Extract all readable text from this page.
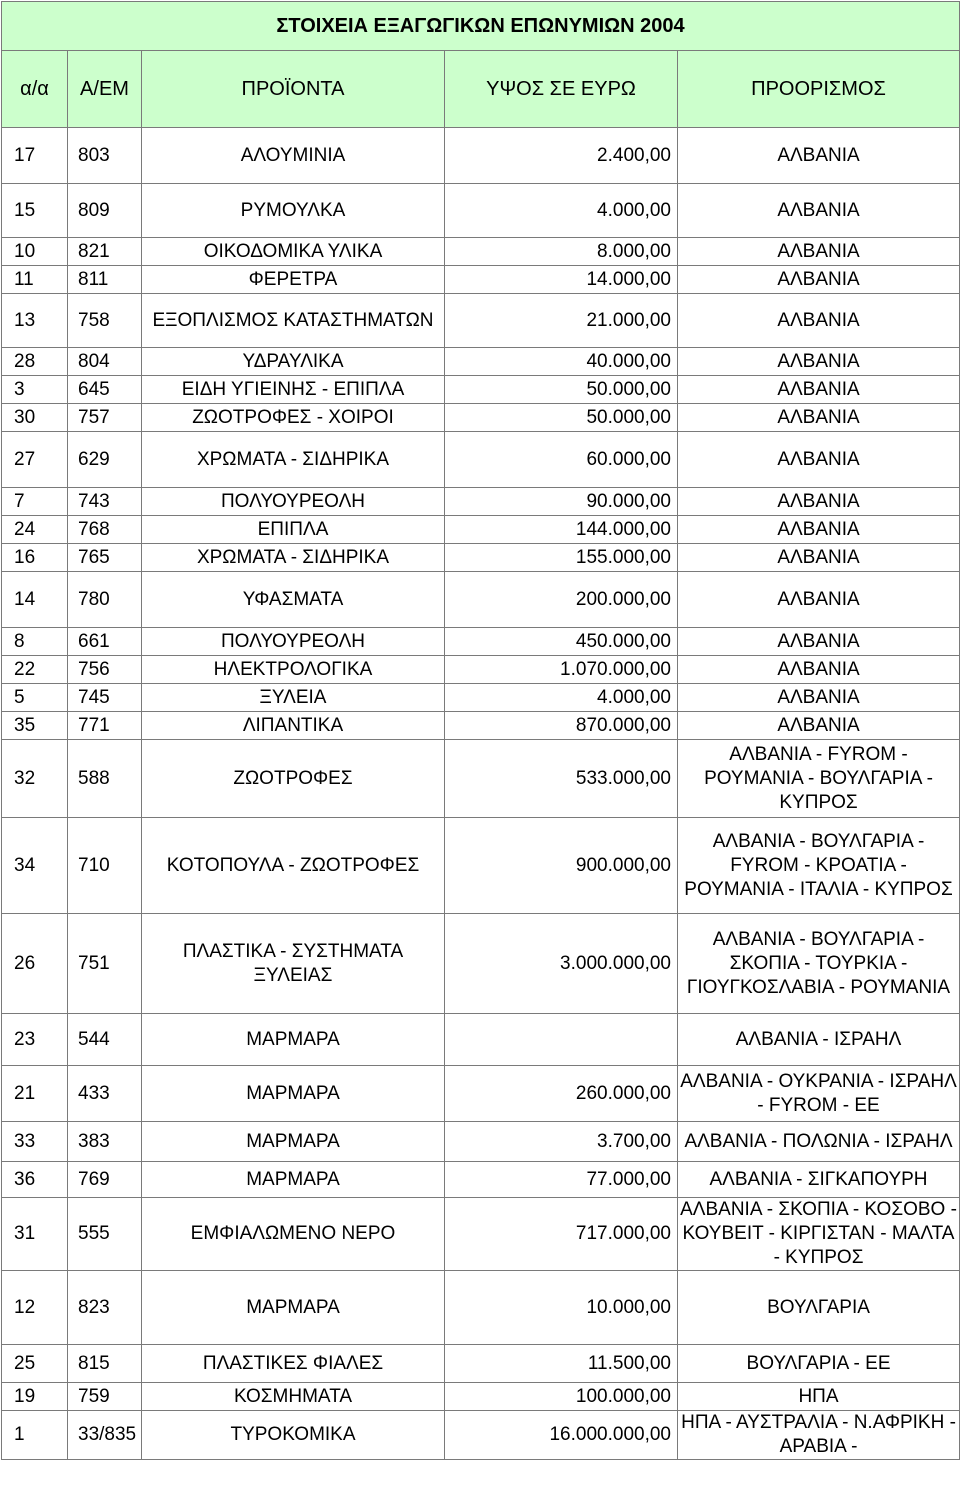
ΣΤΟΙΧΕΙΑ ΕΞΑΓΩΓΙΚΩΝ ΕΠΩΝΥΜΙΩΝ 2004				
α/α	Α/ΕΜ	ΠΡΟΪΟΝΤΑ	ΥΨΟΣ ΣΕ ΕΥΡΩ	ΠΡΟΟΡΙΣΜΟΣ
17	803	ΑΛΟΥΜΙΝΙΑ	2.400,00	ΑΛΒΑΝΙΑ
15	809	ΡΥΜΟΥΛΚΑ	4.000,00	ΑΛΒΑΝΙΑ
10	821	ΟΙΚΟΔΟΜΙΚΑ ΥΛΙΚΑ	8.000,00	ΑΛΒΑΝΙΑ
11	811	ΦΕΡΕΤΡΑ	14.000,00	ΑΛΒΑΝΙΑ
13	758	ΕΞΟΠΛΙΣΜΟΣ ΚΑΤΑΣΤΗΜΑΤΩΝ	21.000,00	ΑΛΒΑΝΙΑ
28	804	ΥΔΡΑΥΛΙΚΑ	40.000,00	ΑΛΒΑΝΙΑ
3	645	ΕΙΔΗ ΥΓΙΕΙΝΗΣ - ΕΠΙΠΛΑ	50.000,00	ΑΛΒΑΝΙΑ
30	757	ΖΩΟΤΡΟΦΕΣ - ΧΟΙΡΟΙ	50.000,00	ΑΛΒΑΝΙΑ
27	629	ΧΡΩΜΑΤΑ - ΣΙΔΗΡΙΚΑ	60.000,00	ΑΛΒΑΝΙΑ
7	743	ΠΟΛΥΟΥΡΕΟΛΗ	90.000,00	ΑΛΒΑΝΙΑ
24	768	ΕΠΙΠΛΑ	144.000,00	ΑΛΒΑΝΙΑ
16	765	ΧΡΩΜΑΤΑ - ΣΙΔΗΡΙΚΑ	155.000,00	ΑΛΒΑΝΙΑ
14	780	ΥΦΑΣΜΑΤΑ	200.000,00	ΑΛΒΑΝΙΑ
8	661	ΠΟΛΥΟΥΡΕΟΛΗ	450.000,00	ΑΛΒΑΝΙΑ
22	756	ΗΛΕΚΤΡΟΛΟΓΙΚΑ	1.070.000,00	ΑΛΒΑΝΙΑ
5	745	ΞΥΛΕΙΑ	4.000,00	ΑΛΒΑΝΙΑ
35	771	ΛΙΠΑΝΤΙΚΑ	870.000,00	ΑΛΒΑΝΙΑ
32	588	ΖΩΟΤΡΟΦΕΣ	533.000,00	ΑΛΒΑΝΙΑ - FYROM - ΡΟΥΜΑΝΙΑ - ΒΟΥΛΓΑΡΙΑ - ΚΥΠΡΟΣ
34	710	ΚΟΤΟΠΟΥΛΑ - ΖΩΟΤΡΟΦΕΣ	900.000,00	ΑΛΒΑΝΙΑ - ΒΟΥΛΓΑΡΙΑ - FYROM - ΚΡΟΑΤΙΑ - ΡΟΥΜΑΝΙΑ - ΙΤΑΛΙΑ - ΚΥΠΡΟΣ
26	751	ΠΛΑΣΤΙΚΑ - ΣΥΣΤΗΜΑΤΑ ΞΥΛΕΙΑΣ	3.000.000,00	ΑΛΒΑΝΙΑ - ΒΟΥΛΓΑΡΙΑ - ΣΚΟΠΙΑ - ΤΟΥΡΚΙΑ - ΓΙΟΥΓΚΟΣΛΑΒΙΑ - ΡΟΥΜΑΝΙΑ
23	544	ΜΑΡΜΑΡΑ		ΑΛΒΑΝΙΑ - ΙΣΡΑΗΛ
21	433	ΜΑΡΜΑΡΑ	260.000,00	ΑΛΒΑΝΙΑ - ΟΥΚΡΑΝΙΑ - ΙΣΡΑΗΛ - FYROM - ΕΕ
33	383	ΜΑΡΜΑΡΑ	3.700,00	ΑΛΒΑΝΙΑ - ΠΟΛΩΝΙΑ - ΙΣΡΑΗΛ
36	769	ΜΑΡΜΑΡΑ	77.000,00	ΑΛΒΑΝΙΑ - ΣΙΓΚΑΠΟΥΡΗ
31	555	ΕΜΦΙΑΛΩΜΕΝΟ ΝΕΡΟ	717.000,00	ΑΛΒΑΝΙΑ - ΣΚΟΠΙΑ - ΚΟΣΟΒΟ - ΚΟΥΒΕΙΤ - ΚΙΡΓΙΣΤΑΝ - ΜΑΛΤΑ - ΚΥΠΡΟΣ
12	823	ΜΑΡΜΑΡΑ	10.000,00	ΒΟΥΛΓΑΡΙΑ
25	815	ΠΛΑΣΤΙΚΕΣ ΦΙΑΛΕΣ	11.500,00	ΒΟΥΛΓΑΡΙΑ - ΕΕ
19	759	ΚΟΣΜΗΜΑΤΑ	100.000,00	ΗΠΑ
1	33/835	ΤΥΡΟΚΟΜΙΚΑ	16.000.000,00	ΗΠΑ - ΑΥΣΤΡΑΛΙΑ - Ν.ΑΦΡΙΚΗ - ΑΡΑΒΙΑ -
